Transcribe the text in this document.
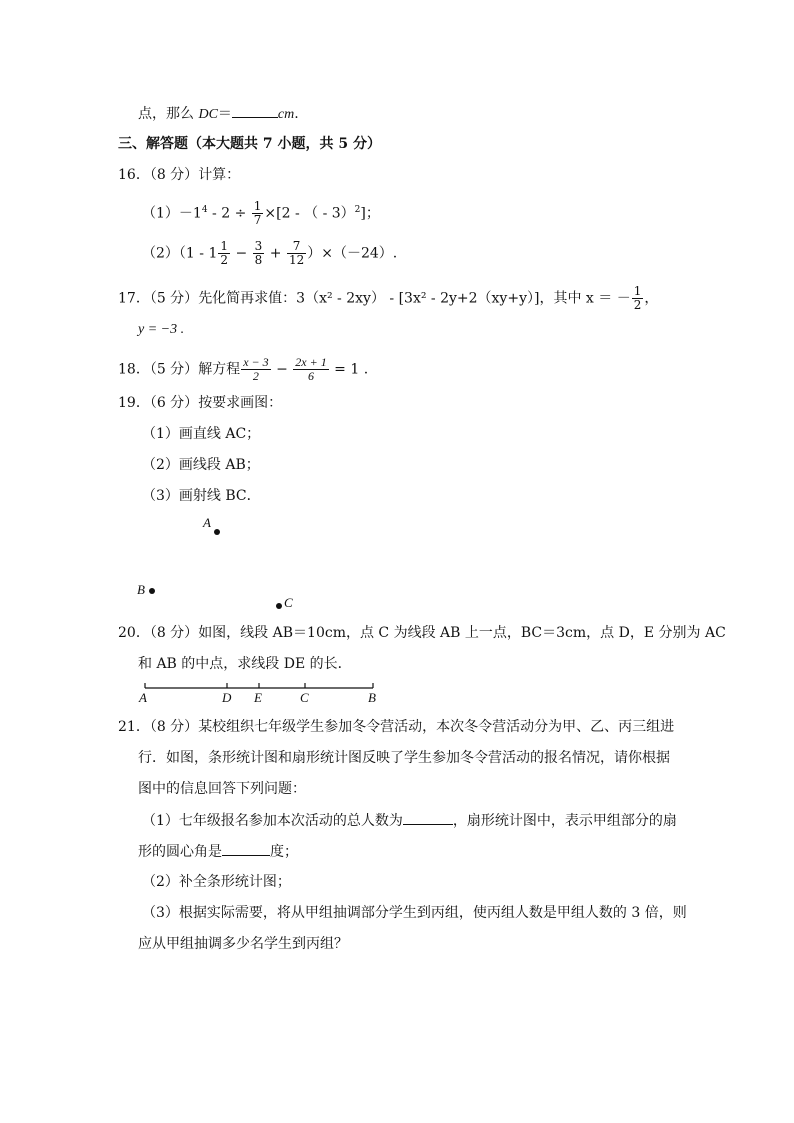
点，那么 DC＝	cm.
三、解答题（本大题共 7 小题，共 5 分）
16．（8 分）计算：
$(1)-1^4 - 2 \div \frac{1}{7} \times[2$ - （ - 3）$^2$]；
$(2)(1 - 1 \frac{1}{2} - \frac{3}{8} + \frac{7}{12} )\times(-24)$.
17．（5 分）先化简再求值：3（x² - 2xy） - [3x² - 2y+2（xy+y）]，其中 x ＝ － $\frac{1}{2}$ ，
y = −3 .
18．（5 分）解方程 $\frac{x - 3}{2} - \frac{2x + 1}{6} = 1$ .
19．（6 分）按要求画图：
（1）画直线 AC；
（2）画线段 AB；
（3）画射线 BC．
A
B
C
20．（8 分）如图，线段 AB＝10cm，点 C 为线段 AB 上一点，BC＝3cm，点 D，E 分别为 AC
和 AB 的中点，求线段 DE 的长．
A	D E	C	B
21．（8 分）某校组织七年级学生参加冬令营活动，本次冬令营活动分为甲、乙、丙三组进
行．如图，条形统计图和扇形统计图反映了学生参加冬令营活动的报名情况，请你根据
图中的信息回答下列问题：
（1）七年级报名参加本次活动的总人数为	，扇形统计图中，表示甲组部分的扇
形的圆心角是	度；
（2）补全条形统计图；
（3）根据实际需要，将从甲组抽调部分学生到丙组，使丙组人数是甲组人数的 3 倍，则
应从甲组抽调多少名学生到丙组？
